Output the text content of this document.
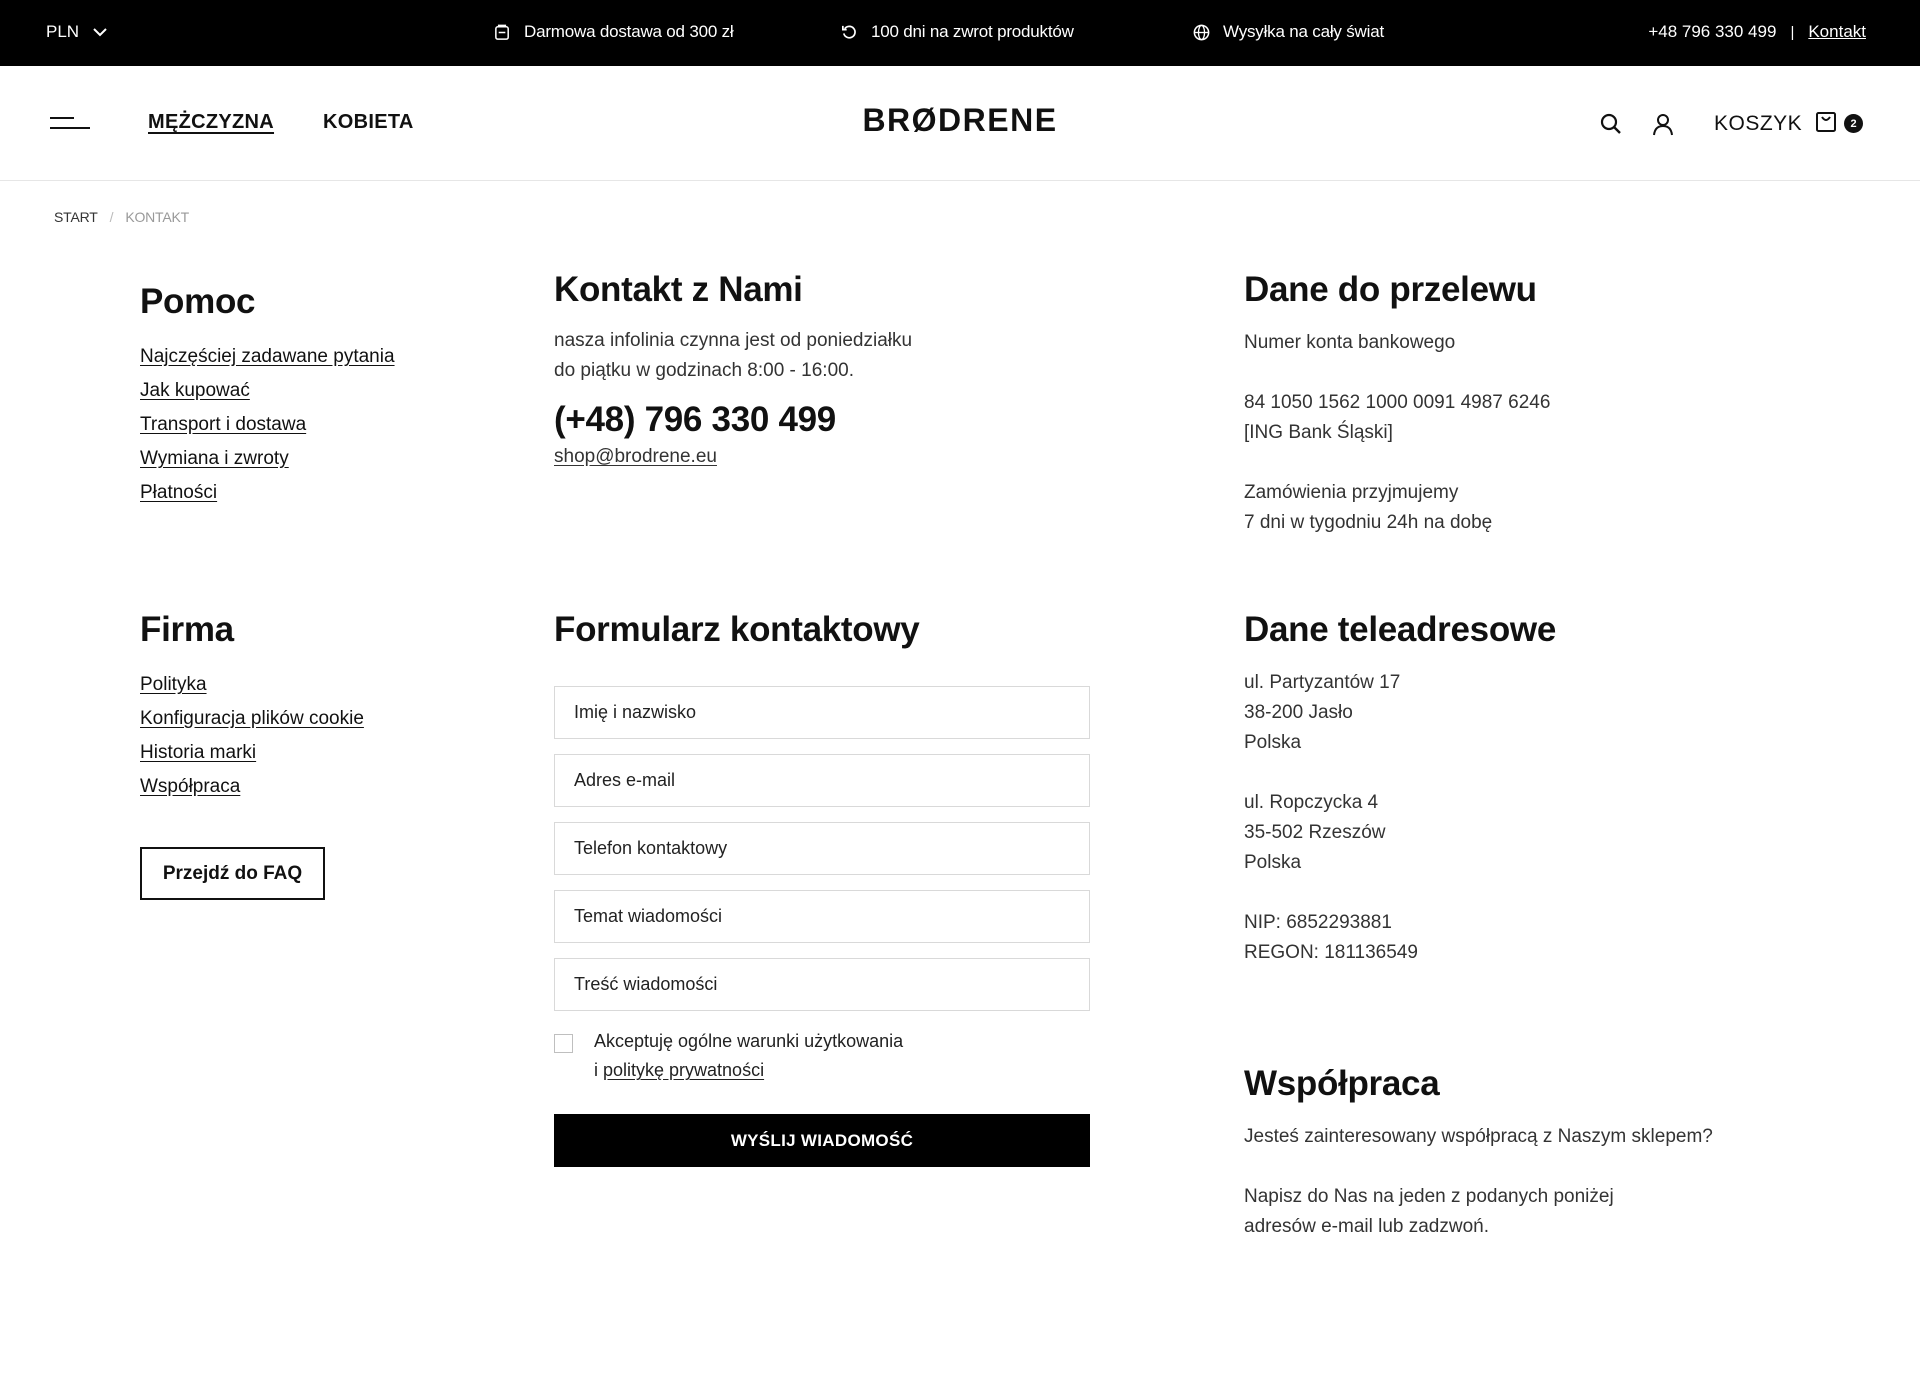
PLN	Darmowa dostawa od 300 zł	100 dni na zwrot produktów	Wysyłka na cały świat	+48 796 330 499 | Kontakt
MĘŻCZYZNA KOBIETA	BRØDRENE	KOSZYK	2
START / KONTAKT
Pomoc
Najczęściej zadawane pytania
Jak kupować
Transport i dostawa
Wymiana i zwroty
Płatności
Firma
Polityka
Konfiguracja plików cookie
Historia marki
Współpraca
Przejdź do FAQ
Kontakt z Nami
nasza infolinia czynna jest od poniedziałku
do piątku w godzinach 8:00 - 16:00.
(+48) 796 330 499
shop@brodrene.eu
Formularz kontaktowy
Imię i nazwisko
Adres e-mail
Telefon kontaktowy
Temat wiadomości
Treść wiadomości
Akceptuję ogólne warunki użytkowania
i politykę prywatności
WYŚLIJ WIADOMOŚĆ
Dane do przelewu
Numer konta bankowego
84 1050 1562 1000 0091 4987 6246
[ING Bank Śląski]
Zamówienia przyjmujemy
7 dni w tygodniu 24h na dobę
Dane teleadresowe
ul. Partyzantów 17
38-200 Jasło
Polska
ul. Ropczycka 4
35-502 Rzeszów
Polska
NIP: 6852293881
REGON: 181136549
Współpraca
Jesteś zainteresowany współpracą z Naszym sklepem?
Napisz do Nas na jeden z podanych poniżej
adresów e-mail lub zadzwoń.
